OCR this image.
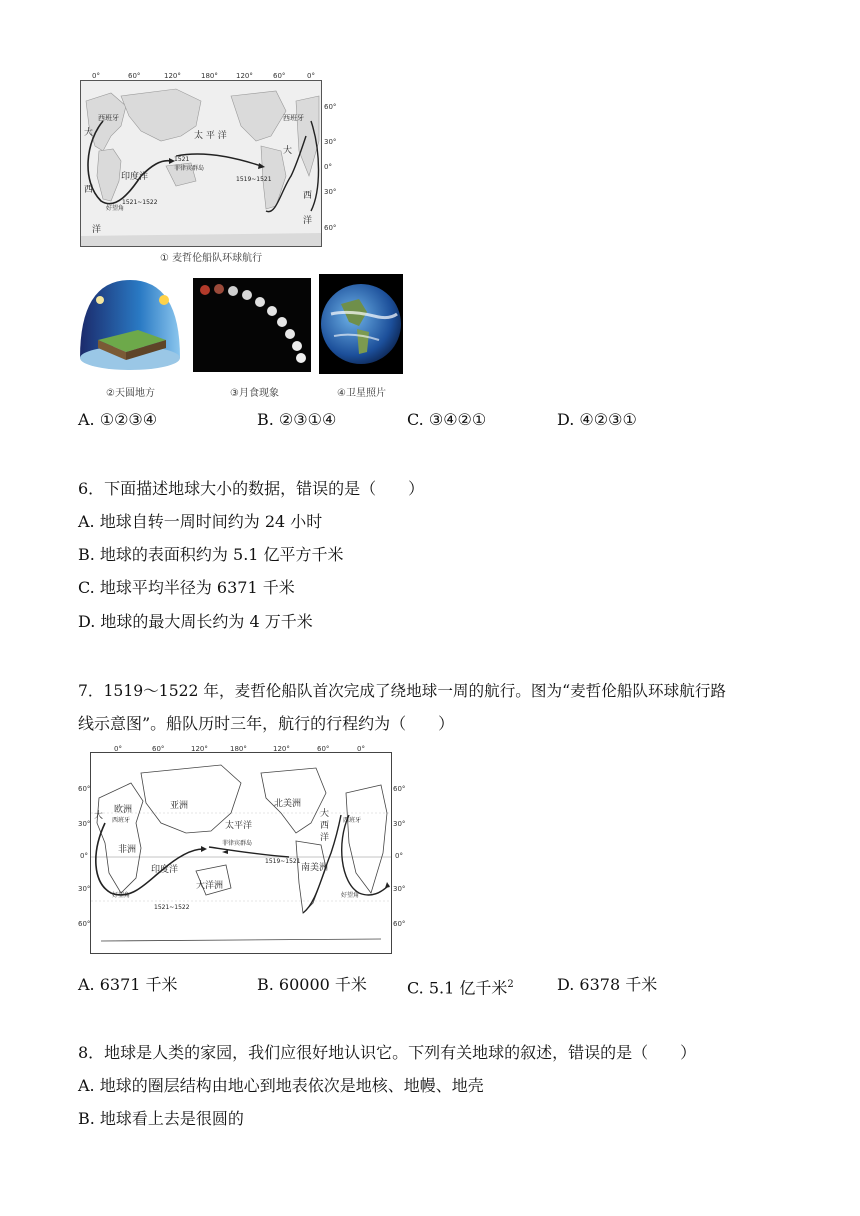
0°	60°	120°	180°	120°	60°	0°
60°
30°
0°
30°
60°
西班牙	西班牙
太 平 洋
印度洋
菲律宾群岛
1521
1519~1521
1521~1522
好望角
大
西
洋
大
西
洋
① 麦哲伦船队环球航行
②天圆地方	③月食现象	④卫星照片
A. ①②③④	B. ②③①④	C. ③④②①	D. ④②③①
6．下面描述地球大小的数据，错误的是（　　）
A. 地球自转一周时间约为 24 小时
B. 地球的表面积约为 5.1 亿平方千米
C. 地球平均半径为 6371 千米
D. 地球的最大周长约为 4 万千米
7．1519～1522 年，麦哲伦船队首次完成了绕地球一周的航行。图为“麦哲伦船队环球航行路
线示意图”。船队历时三年，航行的行程约为（　　）
0°	60°	120°	180°	120°	60°	0°
60°
30°
0°
30°
60°
60°
30°
0°
30°
60°
欧洲	亚洲
非洲
北美洲
南美洲
大洋洲
太平洋
印度洋
菲律宾群岛
大
西
洋
大 西班牙	西班牙
1519~1521
1521~1522
好望角	好望角
A. 6371 千米	B. 60000 千米	C. 5.1 亿千米$^2$	D. 6378 千米
8．地球是人类的家园，我们应很好地认识它。下列有关地球的叙述，错误的是（　　）
A. 地球的圈层结构由地心到地表依次是地核、地幔、地壳
B. 地球看上去是很圆的
